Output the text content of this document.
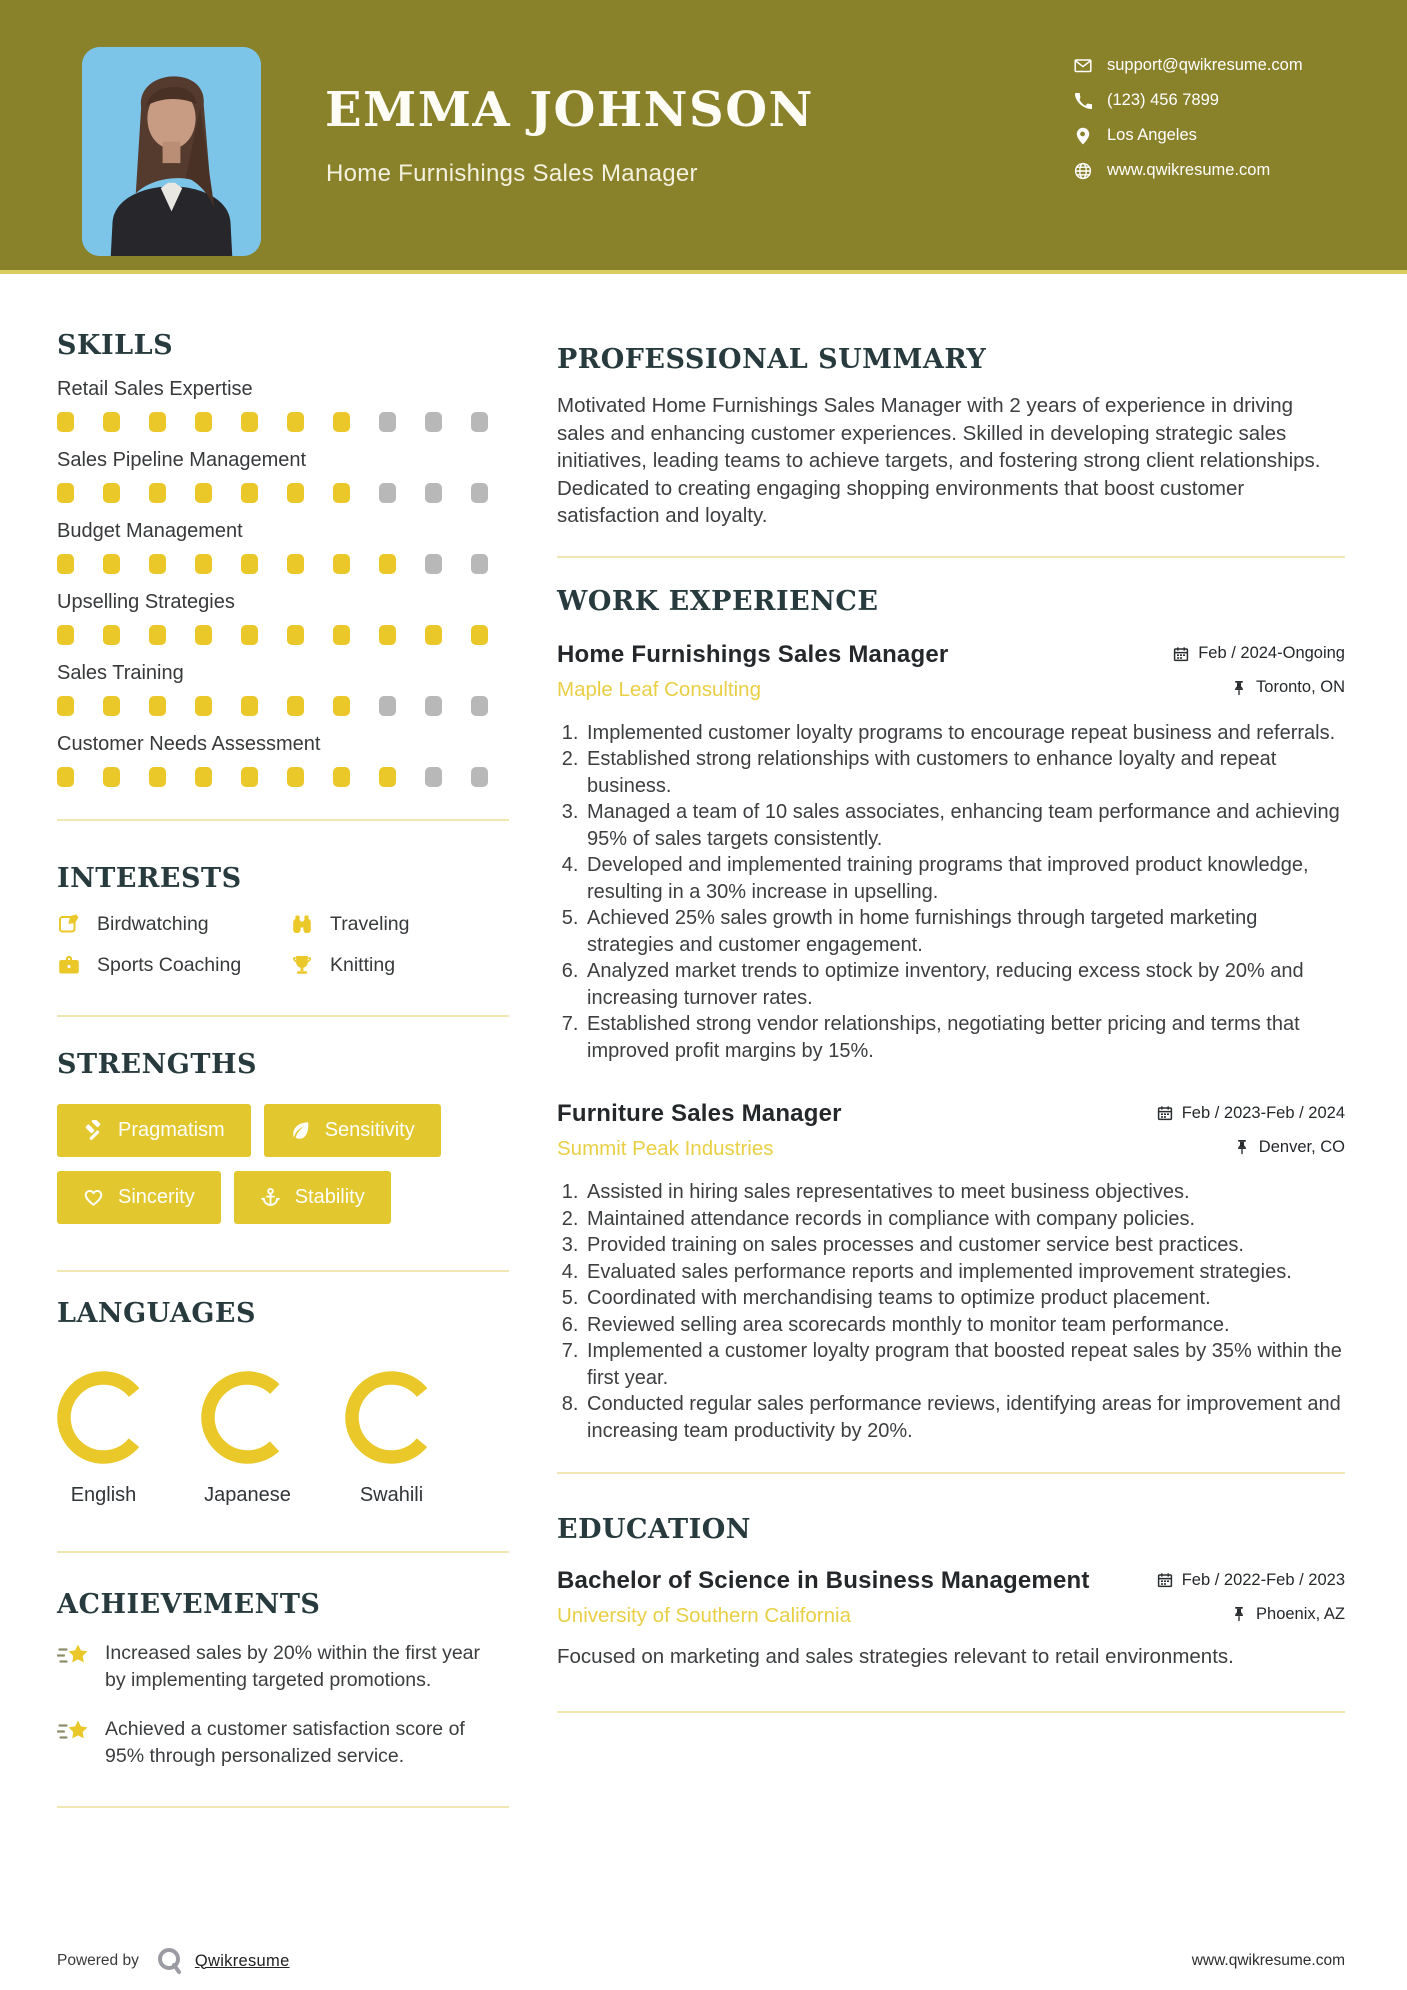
EMMA JOHNSON
Home Furnishings Sales Manager
support@qwikresume.com
(123) 456 7899
Los Angeles
www.qwikresume.com
SKILLS
Retail Sales Expertise
Sales Pipeline Management
Budget Management
Upselling Strategies
Sales Training
Customer Needs Assessment
INTERESTS
Birdwatching	Traveling
Sports Coaching	Knitting
STRENGTHS
Pragmatism	Sensitivity
Sincerity	Stability
LANGUAGES
English	Japanese	Swahili
ACHIEVEMENTS
Increased sales by 20% within the first year by implementing targeted promotions.
Achieved a customer satisfaction score of 95% through personalized service.
PROFESSIONAL SUMMARY
Motivated Home Furnishings Sales Manager with 2 years of experience in driving sales and enhancing customer experiences. Skilled in developing strategic sales initiatives, leading teams to achieve targets, and fostering strong client relationships. Dedicated to creating engaging shopping environments that boost customer satisfaction and loyalty.
WORK EXPERIENCE
Home Furnishings Sales Manager	Feb / 2024-Ongoing
Maple Leaf Consulting	Toronto, ON
1. Implemented customer loyalty programs to encourage repeat business and referrals.
2. Established strong relationships with customers to enhance loyalty and repeat business.
3. Managed a team of 10 sales associates, enhancing team performance and achieving 95% of sales targets consistently.
4. Developed and implemented training programs that improved product knowledge, resulting in a 30% increase in upselling.
5. Achieved 25% sales growth in home furnishings through targeted marketing strategies and customer engagement.
6. Analyzed market trends to optimize inventory, reducing excess stock by 20% and increasing turnover rates.
7. Established strong vendor relationships, negotiating better pricing and terms that improved profit margins by 15%.
Furniture Sales Manager	Feb / 2023-Feb / 2024
Summit Peak Industries	Denver, CO
1. Assisted in hiring sales representatives to meet business objectives.
2. Maintained attendance records in compliance with company policies.
3. Provided training on sales processes and customer service best practices.
4. Evaluated sales performance reports and implemented improvement strategies.
5. Coordinated with merchandising teams to optimize product placement.
6. Reviewed selling area scorecards monthly to monitor team performance.
7. Implemented a customer loyalty program that boosted repeat sales by 35% within the first year.
8. Conducted regular sales performance reviews, identifying areas for improvement and increasing team productivity by 20%.
EDUCATION
Bachelor of Science in Business Management	Feb / 2022-Feb / 2023
University of Southern California	Phoenix, AZ
Focused on marketing and sales strategies relevant to retail environments.
Powered by	Qwikresume	www.qwikresume.com
